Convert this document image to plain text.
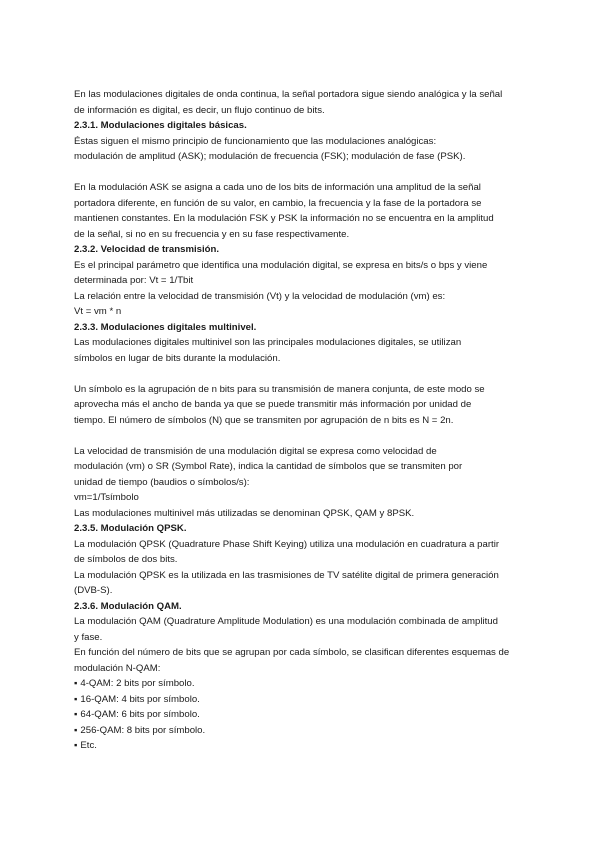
En las modulaciones digitales de onda continua, la señal portadora sigue siendo analógica y la señal

de información es digital, es decir, un flujo continuo de bits.

2.3.1. Modulaciones digitales básicas.

Éstas siguen el mismo principio de funcionamiento que las modulaciones analógicas:

modulación de amplitud (ASK); modulación de frecuencia (FSK); modulación de fase (PSK).

En la modulación ASK se asigna a cada uno de los bits de información una amplitud de la señal

portadora diferente, en función de su valor, en cambio, la frecuencia y la fase de la portadora se

mantienen constantes. En la modulación FSK y PSK la información no se encuentra en la amplitud

de la señal, si no en su frecuencia y en su fase respectivamente.

2.3.2. Velocidad de transmisión.

Es el principal parámetro que identifica una modulación digital, se expresa en bits/s o bps y viene

determinada por: Vt = 1/Tbit

La relación entre la velocidad de transmisión (Vt) y la velocidad de modulación (vm) es:

Vt = vm * n

2.3.3. Modulaciones digitales multinivel.

Las modulaciones digitales multinivel son las principales modulaciones digitales, se utilizan

símbolos en lugar de bits durante la modulación.

Un símbolo es la agrupación de n bits para su transmisión de manera conjunta, de este modo se

aprovecha más el ancho de banda ya que se puede transmitir más información por unidad de

tiempo. El número de símbolos (N) que se transmiten por agrupación de n bits es N = 2n.

La velocidad de transmisión de una modulación digital se expresa como velocidad de

modulación (vm) o SR (Symbol Rate), indica la cantidad de símbolos que se transmiten por

unidad de tiempo (baudios o símbolos/s):

vm=1/Tsímbolo

Las modulaciones multinivel más utilizadas se denominan QPSK, QAM y 8PSK.

2.3.5. Modulación QPSK.

La modulación QPSK (Quadrature Phase Shift Keying) utiliza una modulación en cuadratura a partir

de símbolos de dos bits.

La modulación QPSK es la utilizada en las trasmisiones de TV satélite digital de primera generación

(DVB-S).

2.3.6. Modulación QAM.

La modulación QAM (Quadrature Amplitude Modulation) es una modulación combinada de amplitud

y fase.

En función del número de bits que se agrupan por cada símbolo, se clasifican diferentes esquemas de

modulación N-QAM:

▪ 4-QAM: 2 bits por símbolo.
▪ 16-QAM: 4 bits por símbolo.
▪ 64-QAM: 6 bits por símbolo.
▪ 256-QAM: 8 bits por símbolo.
▪ Etc.
